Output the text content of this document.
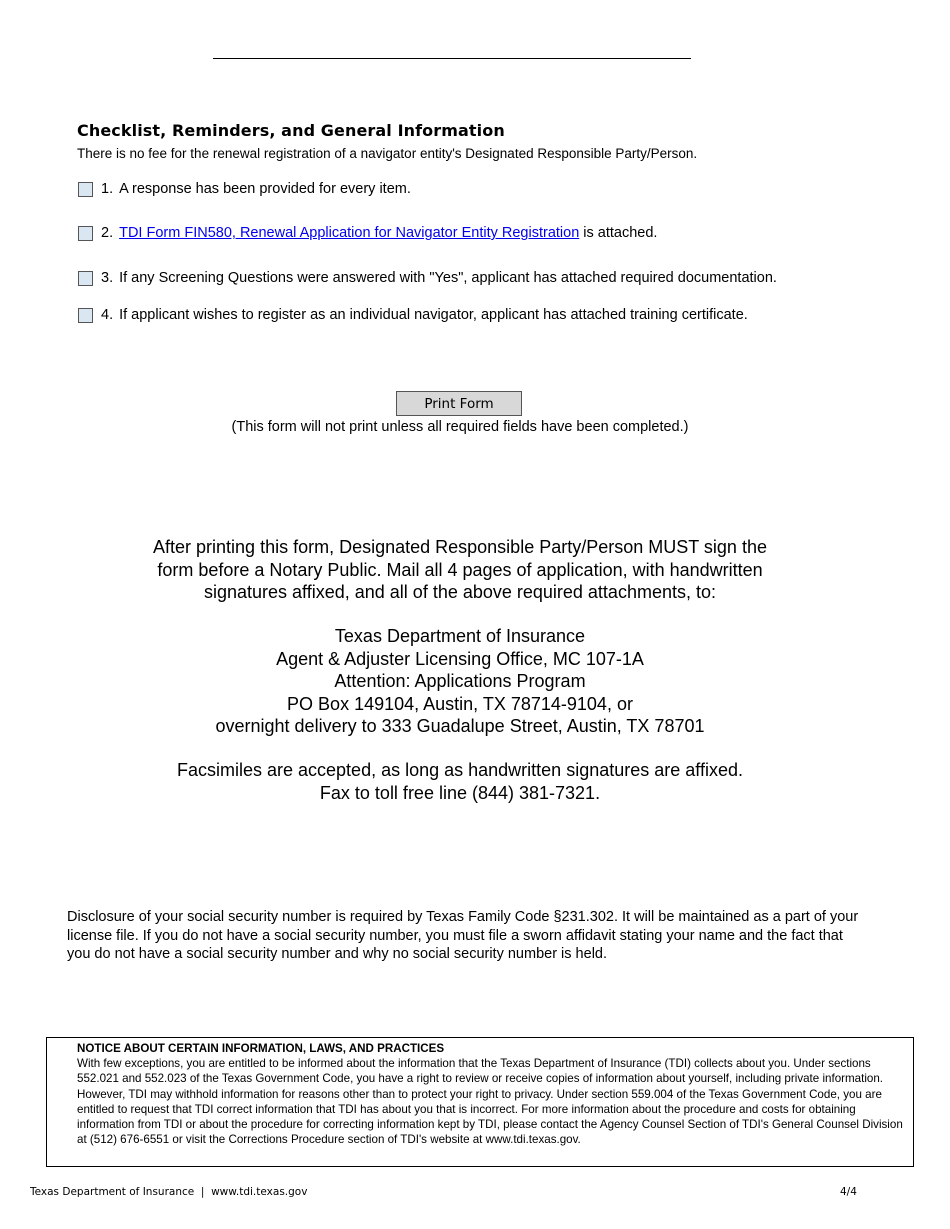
Checklist, Reminders, and General Information
There is no fee for the renewal registration of a navigator entity's Designated Responsible Party/Person.
1. A response has been provided for every item.
2. TDI Form FIN580, Renewal Application for Navigator Entity Registration is attached.
3. If any Screening Questions were answered with "Yes", applicant has attached required documentation.
4. If applicant wishes to register as an individual navigator, applicant has attached training certificate.
Print Form
(This form will not print unless all required fields have been completed.)
After printing this form, Designated Responsible Party/Person MUST sign the
form before a Notary Public. Mail all 4 pages of application, with handwritten
signatures affixed, and all of the above required attachments, to:
Texas Department of Insurance
Agent & Adjuster Licensing Office, MC 107-1A
Attention: Applications Program
PO Box 149104, Austin, TX 78714-9104, or
overnight delivery to 333 Guadalupe Street, Austin, TX 78701
Facsimiles are accepted, as long as handwritten signatures are affixed.
Fax to toll free line (844) 381-7321.
Disclosure of your social security number is required by Texas Family Code §231.302. It will be maintained as a part of your license file. If you do not have a social security number, you must file a sworn affidavit stating your name and the fact that you do not have a social security number and why no social security number is held.
NOTICE ABOUT CERTAIN INFORMATION, LAWS, AND PRACTICES
With few exceptions, you are entitled to be informed about the information that the Texas Department of Insurance (TDI) collects about you. Under sections 552.021 and 552.023 of the Texas Government Code, you have a right to review or receive copies of information about yourself, including private information. However, TDI may withhold information for reasons other than to protect your right to privacy. Under section 559.004 of the Texas Government Code, you are entitled to request that TDI correct information that TDI has about you that is incorrect. For more information about the procedure and costs for obtaining information from TDI or about the procedure for correcting information kept by TDI, please contact the Agency Counsel Section of TDI's General Counsel Division at (512) 676-6551 or visit the Corrections Procedure section of TDI's website at www.tdi.texas.gov.
Texas Department of Insurance  |  www.tdi.texas.gov	4/4
